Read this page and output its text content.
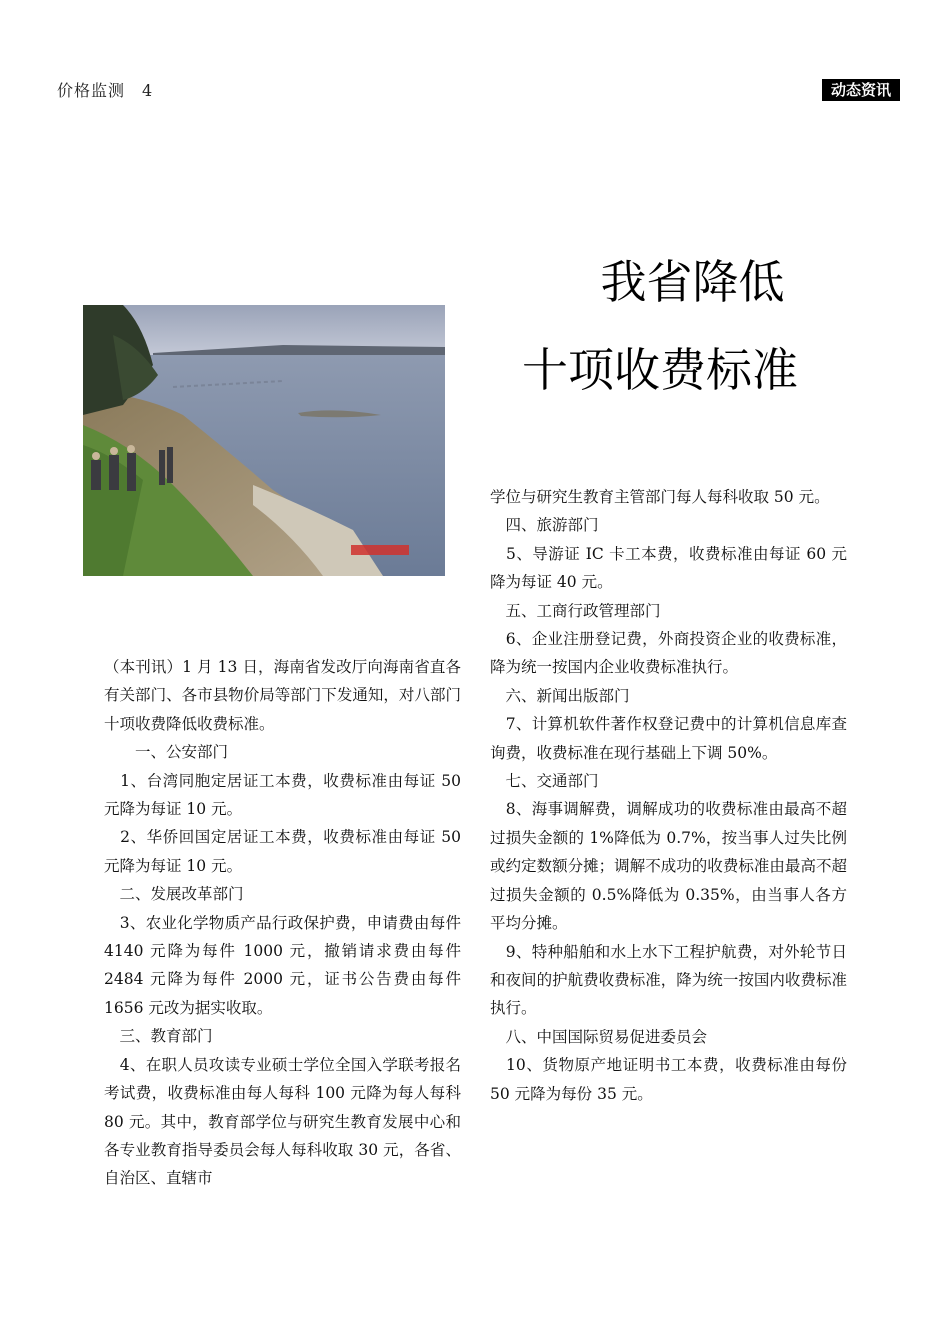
价格监测　4	动态资讯
我省降低
十项收费标准

（本刊讯）1 月 13 日，海南省发改厅向海南省直各有关部门、各市县物价局等部门下发通知，对八部门十项收费降低收费标准。

　　一、公安部门

　1、台湾同胞定居证工本费，收费标准由每证 50 元降为每证 10 元。

　2、华侨回国定居证工本费，收费标准由每证 50 元降为每证 10 元。

　二、发展改革部门

　3、农业化学物质产品行政保护费，申请费由每件 4140 元降为每件 1000 元，撤销请求费由每件 2484 元降为每件 2000 元，证书公告费由每件 1656 元改为据实收取。

　三、教育部门

　4、在职人员攻读专业硕士学位全国入学联考报名考试费，收费标准由每人每科 100 元降为每人每科 80 元。其中，教育部学位与研究生教育发展中心和各专业教育指导委员会每人每科收取 30 元，各省、自治区、直辖市

学位与研究生教育主管部门每人每科收取 50 元。

　四、旅游部门

　5、导游证 IC 卡工本费，收费标准由每证 60 元降为每证 40 元。

　五、工商行政管理部门

　6、企业注册登记费，外商投资企业的收费标准，降为统一按国内企业收费标准执行。

　六、新闻出版部门

　7、计算机软件著作权登记费中的计算机信息库查询费，收费标准在现行基础上下调 50%。

　七、交通部门

　8、海事调解费，调解成功的收费标准由最高不超过损失金额的 1%降低为 0.7%，按当事人过失比例或约定数额分摊；调解不成功的收费标准由最高不超过损失金额的 0.5%降低为 0.35%，由当事人各方平均分摊。

　9、特种船舶和水上水下工程护航费，对外轮节日和夜间的护航费收费标准，降为统一按国内收费标准执行。

　八、中国国际贸易促进委员会

　10、货物原产地证明书工本费，收费标准由每份 50 元降为每份 35 元。
